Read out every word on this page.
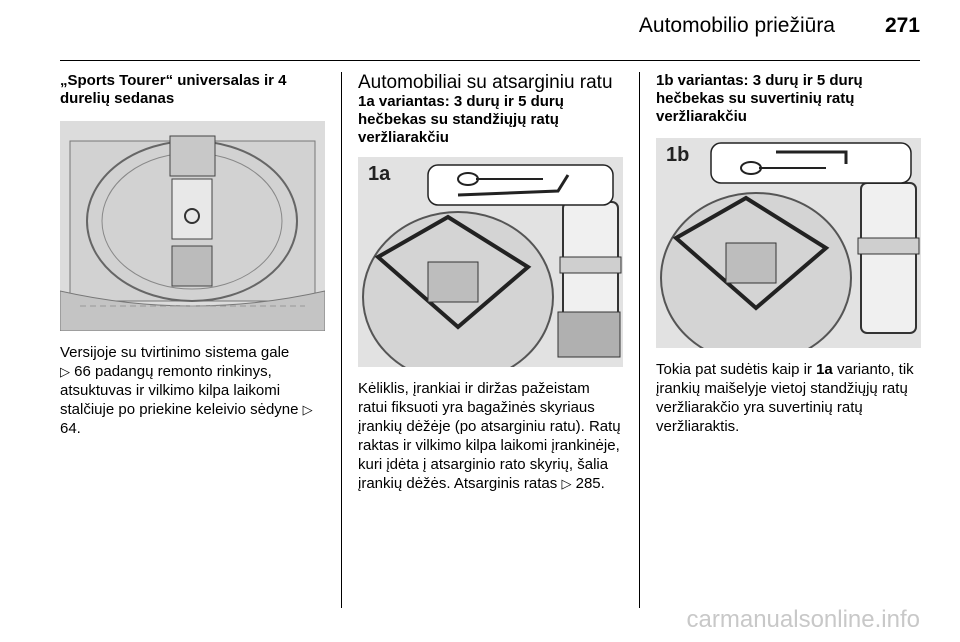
Automobilio priežiūra 271
„Sports Tourer“ universalas ir 4 durelių sedanas

Versijoje su tvirtinimo sistema gale
▷ 66 padangų remonto rinkinys, atsuktuvas ir vilkimo kilpa laikomi stalčiuje po priekine keleivio sėdyne ▷ 64.

Automobiliai su atsarginiu ratu
1a variantas: 3 durų ir 5 durų hečbekas su standžiųjų ratų veržliarakčiu
1a

Kėliklis, įrankiai ir diržas pažeistam ratui fiksuoti yra bagažinės skyriaus įrankių dėžėje (po atsarginiu ratu). Ratų raktas ir vilkimo kilpa laikomi įrankinėje, kuri įdėta į atsarginio rato skyrių, šalia įrankių dėžės. Atsarginis ratas ▷ 285.

1b variantas: 3 durų ir 5 durų hečbekas su suvertinių ratų veržliarakčiu
1b

Tokia pat sudėtis kaip ir 1a varianto, tik įrankių maišelyje vietoj standžiųjų ratų veržliarakčio yra suvertinių ratų veržliaraktis.

carmanualsonline.info
